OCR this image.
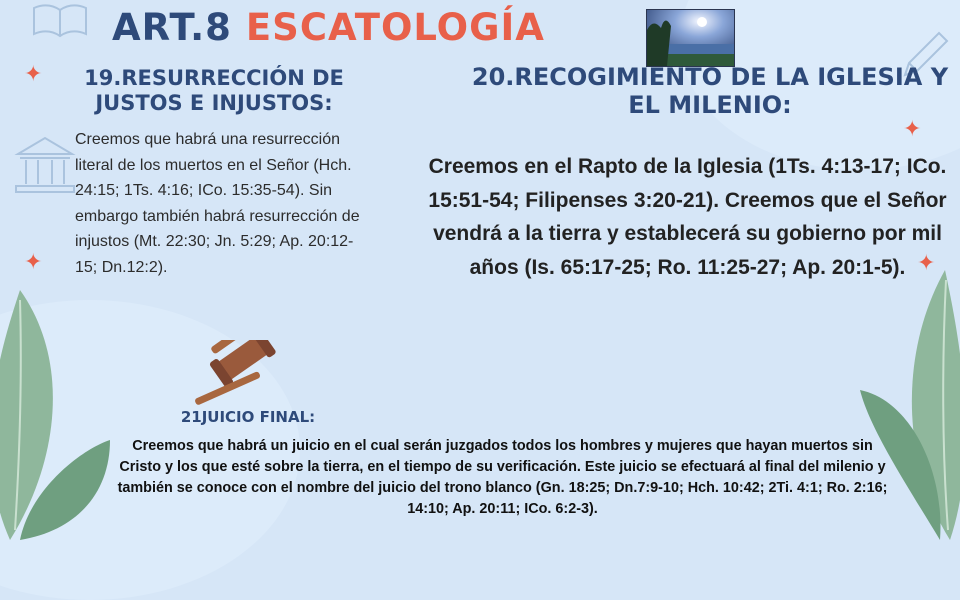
✦
✦
✦
✦
ART.8 ESCATOLOGÍA
19.RESURRECCIÓN DE JUSTOS E INJUSTOS:

Creemos que habrá una resurrección literal de los muertos en el Señor (Hch. 24:15; 1Ts. 4:16; ICo. 15:35-54). Sin embargo también habrá resurrección de injustos (Mt. 22:30; Jn. 5:29; Ap. 20:12-15; Dn.12:2).

20.RECOGIMIENTO DE LA IGLESIA Y EL MILENIO:

Creemos en el Rapto de la Iglesia (1Ts. 4:13-17; ICo. 15:51-54; Filipenses 3:20-21). Creemos que el Señor vendrá a la tierra y establecerá su gobierno por mil años (Is. 65:17-25; Ro. 11:25-27; Ap. 20:1-5).

21JUICIO FINAL:

Creemos que habrá un juicio en el cual serán juzgados todos los hombres y mujeres que hayan muertos sin Cristo y los que esté sobre la tierra, en el tiempo de su verificación. Este juicio se efectuará al final del milenio y también se conoce con el nombre del juicio del trono blanco (Gn. 18:25; Dn.7:9-10; Hch. 10:42; 2Ti. 4:1; Ro. 2:16; 14:10; Ap. 20:11; ICo. 6:2-3).
